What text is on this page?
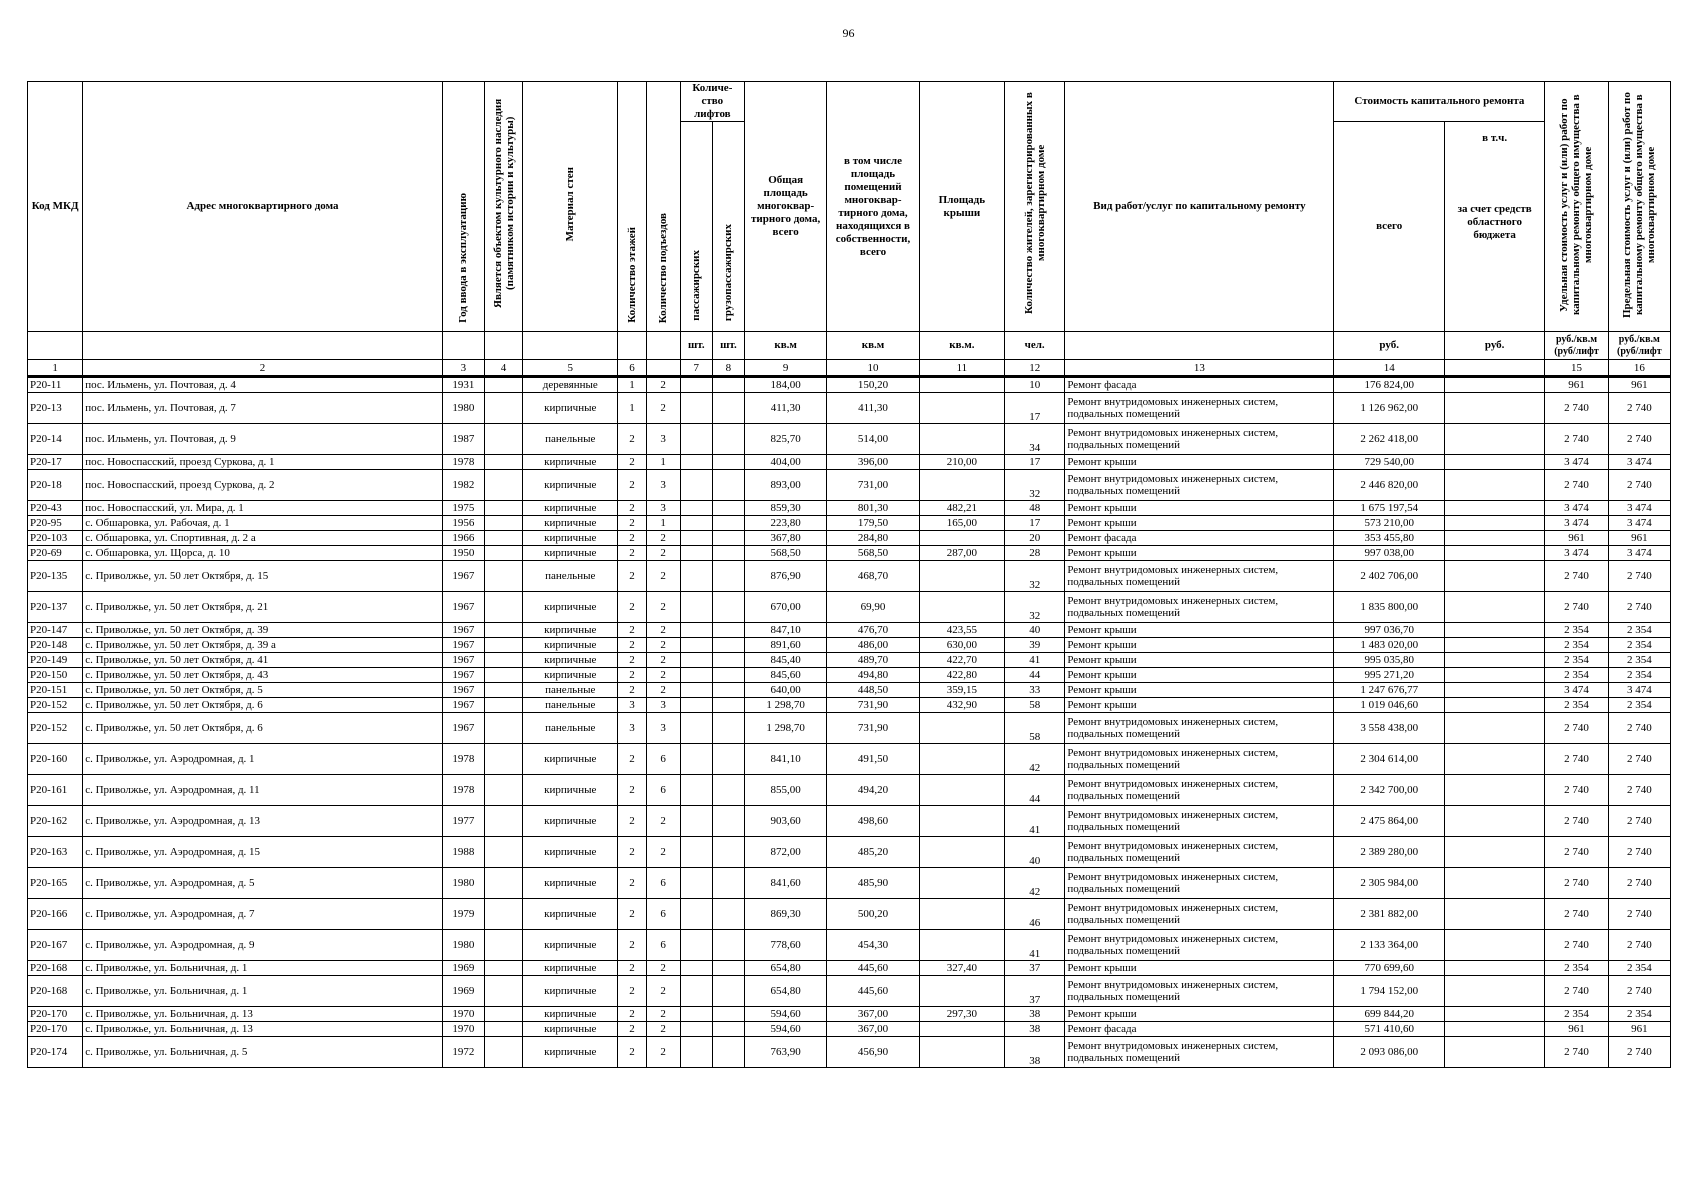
96
Код МКД	Адрес многоквартирного дома	Год ввода в эксплуатацию	Является объектом культурного наследия (памятником истории и культуры)	Материал стен	Количество этажей	Количество подъездов	Количе-ство лифтов		Общая площадь многоквар-тирного дома, всего	в том числе площадь помещений многоквар-тирного дома, находящихся в собственности, всего	Площадь крыши	Количество жителей, зарегистрированных в многоквартирном доме	Вид работ/услуг по капитальному ремонту	Стоимость капитального ремонта		Удельная стоимость услуг и (или) работ по капитальному ремонту общего имущества в многоквартирном доме	Предельная стоимость услуг и (или) работ по капитальному ремонту общего имущества в многоквартирном доме
							пассажирских	грузопассажирских						всего	в т.ч.
за счет средств областного бюджета		

							шт.	шт.	кв.м	кв.м	кв.м.	чел.		руб.	руб.	руб./кв.м (руб/лифт	руб./кв.м (руб/лифт
1	2	3	4	5	6		7	8	9	10	11	12	13	14		15	16
Р20-11	пос. Ильмень, ул. Почтовая, д. 4	1931		деревянные	1	2			184,00	150,20		10	Ремонт фасада	176 824,00		961	961
Р20-13	пос. Ильмень, ул. Почтовая, д. 7	1980		кирпичные	1	2			411,30	411,30		17	Ремонт внутридомовых инженерных систем, подвальных помещений	1 126 962,00		2 740	2 740
Р20-14	пос. Ильмень, ул. Почтовая, д. 9	1987		панельные	2	3			825,70	514,00		34	Ремонт внутридомовых инженерных систем, подвальных помещений	2 262 418,00		2 740	2 740
Р20-17	пос. Новоспасский, проезд Суркова, д. 1	1978		кирпичные	2	1			404,00	396,00	210,00	17	Ремонт крыши	729 540,00		3 474	3 474
Р20-18	пос. Новоспасский, проезд Суркова, д. 2	1982		кирпичные	2	3			893,00	731,00		32	Ремонт внутридомовых инженерных систем, подвальных помещений	2 446 820,00		2 740	2 740
Р20-43	пос. Новоспасский, ул. Мира, д. 1	1975		кирпичные	2	3			859,30	801,30	482,21	48	Ремонт крыши	1 675 197,54		3 474	3 474
Р20-95	с. Обшаровка, ул. Рабочая, д. 1	1956		кирпичные	2	1			223,80	179,50	165,00	17	Ремонт крыши	573 210,00		3 474	3 474
Р20-103	с. Обшаровка, ул. Спортивная, д. 2 а	1966		кирпичные	2	2			367,80	284,80		20	Ремонт фасада	353 455,80		961	961
Р20-69	с. Обшаровка, ул. Щорса, д. 10	1950		кирпичные	2	2			568,50	568,50	287,00	28	Ремонт крыши	997 038,00		3 474	3 474
Р20-135	с. Приволжье, ул. 50 лет Октября, д. 15	1967		панельные	2	2			876,90	468,70		32	Ремонт внутридомовых инженерных систем, подвальных помещений	2 402 706,00		2 740	2 740
Р20-137	с. Приволжье, ул. 50 лет Октября, д. 21	1967		кирпичные	2	2			670,00	69,90		32	Ремонт внутридомовых инженерных систем, подвальных помещений	1 835 800,00		2 740	2 740
Р20-147	с. Приволжье, ул. 50 лет Октября, д. 39	1967		кирпичные	2	2			847,10	476,70	423,55	40	Ремонт крыши	997 036,70		2 354	2 354
Р20-148	с. Приволжье, ул. 50 лет Октября, д. 39 а	1967		кирпичные	2	2			891,60	486,00	630,00	39	Ремонт крыши	1 483 020,00		2 354	2 354
Р20-149	с. Приволжье, ул. 50 лет Октября, д. 41	1967		кирпичные	2	2			845,40	489,70	422,70	41	Ремонт крыши	995 035,80		2 354	2 354
Р20-150	с. Приволжье, ул. 50 лет Октября, д. 43	1967		кирпичные	2	2			845,60	494,80	422,80	44	Ремонт крыши	995 271,20		2 354	2 354
Р20-151	с. Приволжье, ул. 50 лет Октября, д. 5	1967		панельные	2	2			640,00	448,50	359,15	33	Ремонт крыши	1 247 676,77		3 474	3 474
Р20-152	с. Приволжье, ул. 50 лет Октября, д. 6	1967		панельные	3	3			1 298,70	731,90	432,90	58	Ремонт крыши	1 019 046,60		2 354	2 354
Р20-152	с. Приволжье, ул. 50 лет Октября, д. 6	1967		панельные	3	3			1 298,70	731,90		58	Ремонт внутридомовых инженерных систем, подвальных помещений	3 558 438,00		2 740	2 740
Р20-160	с. Приволжье, ул. Аэродромная, д. 1	1978		кирпичные	2	6			841,10	491,50		42	Ремонт внутридомовых инженерных систем, подвальных помещений	2 304 614,00		2 740	2 740
Р20-161	с. Приволжье, ул. Аэродромная, д. 11	1978		кирпичные	2	6			855,00	494,20		44	Ремонт внутридомовых инженерных систем, подвальных помещений	2 342 700,00		2 740	2 740
Р20-162	с. Приволжье, ул. Аэродромная, д. 13	1977		кирпичные	2	2			903,60	498,60		41	Ремонт внутридомовых инженерных систем, подвальных помещений	2 475 864,00		2 740	2 740
Р20-163	с. Приволжье, ул. Аэродромная, д. 15	1988		кирпичные	2	2			872,00	485,20		40	Ремонт внутридомовых инженерных систем, подвальных помещений	2 389 280,00		2 740	2 740
Р20-165	с. Приволжье, ул. Аэродромная, д. 5	1980		кирпичные	2	6			841,60	485,90		42	Ремонт внутридомовых инженерных систем, подвальных помещений	2 305 984,00		2 740	2 740
Р20-166	с. Приволжье, ул. Аэродромная, д. 7	1979		кирпичные	2	6			869,30	500,20		46	Ремонт внутридомовых инженерных систем, подвальных помещений	2 381 882,00		2 740	2 740
Р20-167	с. Приволжье, ул. Аэродромная, д. 9	1980		кирпичные	2	6			778,60	454,30		41	Ремонт внутридомовых инженерных систем, подвальных помещений	2 133 364,00		2 740	2 740
Р20-168	с. Приволжье, ул. Больничная, д. 1	1969		кирпичные	2	2			654,80	445,60	327,40	37	Ремонт крыши	770 699,60		2 354	2 354
Р20-168	с. Приволжье, ул. Больничная, д. 1	1969		кирпичные	2	2			654,80	445,60		37	Ремонт внутридомовых инженерных систем, подвальных помещений	1 794 152,00		2 740	2 740
Р20-170	с. Приволжье, ул. Больничная, д. 13	1970		кирпичные	2	2			594,60	367,00	297,30	38	Ремонт крыши	699 844,20		2 354	2 354
Р20-170	с. Приволжье, ул. Больничная, д. 13	1970		кирпичные	2	2			594,60	367,00		38	Ремонт фасада	571 410,60		961	961
Р20-174	с. Приволжье, ул. Больничная, д. 5	1972		кирпичные	2	2			763,90	456,90		38	Ремонт внутридомовых инженерных систем, подвальных помещений	2 093 086,00		2 740	2 740
